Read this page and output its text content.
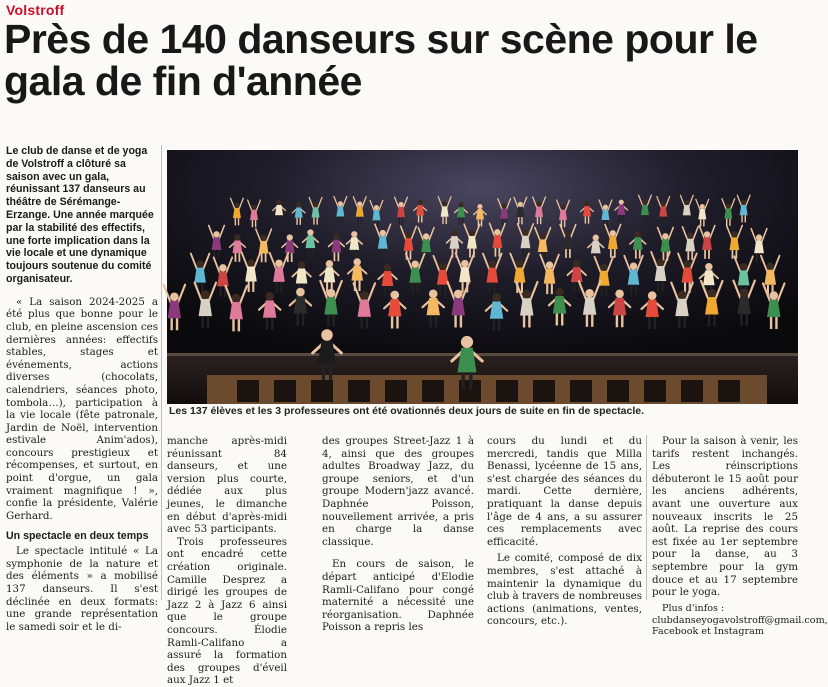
Volstroff
Près de 140 danseurs sur scène pour le gala de fin d'année

Le club de danse et de yoga de Volstroff a clôturé sa saison avec un gala, réunissant 137 danseurs au théâtre de Sérémange-Erzange. Une année marquée par la stabilité des effectifs, une forte implication dans la vie locale et une dynamique toujours soutenue du comité organisateur.

« La saison 2024-2025 a été plus que bonne pour le club, en pleine ascension ces dernières années: effectifs stables, stages et événements, actions diverses (chocolats, calendriers, séances photo, tombola…), participation à la vie locale (fête patronale, Jardin de Noël, intervention estivale Anim'ados), concours prestigieux et récompenses, et surtout, en point d'orgue, un gala vraiment magnifique ! », confie la présidente, Valérie Gerhard.

Un spectacle en deux temps

Le spectacle intitulé « La symphonie de la nature et des éléments » a mobilisé 137 danseurs. Il s'est déclinée en deux formats: une grande représentation le samedi soir et le di-

Les 137 élèves et les 3 professeures ont été ovationnés deux jours de suite en fin de spectacle.

manche après-midi réunissant 84 danseurs, et une version plus courte, dédiée aux plus jeunes, le dimanche en début d'après-midi avec 53 participants.

Trois professeures ont encadré cette création originale. Camille Desprez a dirigé les groupes de Jazz 2 à Jazz 6 ainsi que le groupe concours. Élodie Ramli-Califano a assuré la formation des groupes d'éveil aux Jazz 1 et

des groupes Street-Jazz 1 à 4, ainsi que des groupes adultes Broadway Jazz, du groupe seniors, et d'un groupe Modern'jazz avancé. Daphnée Poisson, nouvellement arrivée, a pris en charge la danse classique.

En cours de saison, le départ anticipé d'Elodie Ramli-Califano pour congé maternité a nécessité une réorganisation. Daphnée Poisson a repris les

cours du lundi et du mercredi, tandis que Milla Benassi, lycéenne de 15 ans, s'est chargée des séances du mardi. Cette dernière, pratiquant la danse depuis l'âge de 4 ans, a su assurer ces remplacements avec efficacité.

Le comité, composé de dix membres, s'est attaché à maintenir la dynamique du club à travers de nombreuses actions (animations, ventes, concours, etc.).

Pour la saison à venir, les tarifs restent inchangés. Les réinscriptions débuteront le 15 août pour les anciens adhérents, avant une ouverture aux nouveaux inscrits le 25 août. La reprise des cours est fixée au 1er septembre pour la danse, au 3 septembre pour la gym douce et au 17 septembre pour le yoga.

Plus d'infos : clubdanseyogavolstroff@gmail.com, Facebook et Instagram
